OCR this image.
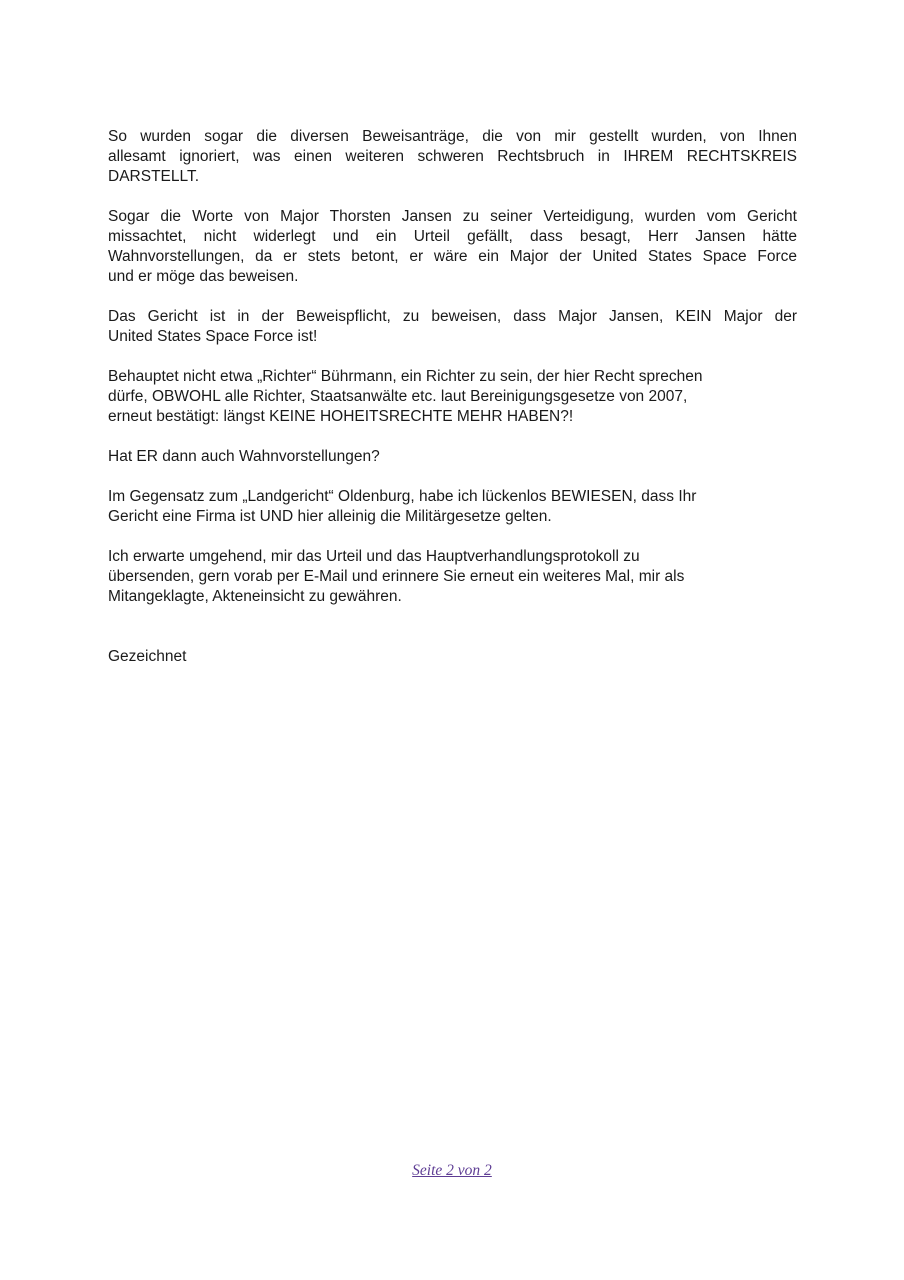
So wurden sogar die diversen Beweisanträge, die von mir gestellt wurden, von Ihnen
allesamt ignoriert, was einen weiteren schweren Rechtsbruch in IHREM RECHTSKREIS
DARSTELLT.

Sogar die Worte von Major Thorsten Jansen zu seiner Verteidigung, wurden vom Gericht
missachtet, nicht widerlegt und ein Urteil gefällt, dass besagt, Herr Jansen hätte
Wahnvorstellungen, da er stets betont, er wäre ein Major der United States Space Force
und er möge das beweisen.

Das Gericht ist in der Beweispflicht, zu beweisen, dass Major Jansen, KEIN Major der
United States Space Force ist!

Behauptet nicht etwa „Richter“ Bührmann, ein Richter zu sein, der hier Recht sprechen
dürfe, OBWOHL alle Richter, Staatsanwälte etc. laut Bereinigungsgesetze von 2007,
erneut bestätigt: längst KEINE HOHEITSRECHTE MEHR HABEN?!

Hat ER dann auch Wahnvorstellungen?

Im Gegensatz zum „Landgericht“ Oldenburg, habe ich lückenlos BEWIESEN, dass Ihr
Gericht eine Firma ist UND hier alleinig die Militärgesetze gelten.

Ich erwarte umgehend, mir das Urteil und das Hauptverhandlungsprotokoll zu
übersenden, gern vorab per E-Mail und erinnere Sie erneut ein weiteres Mal, mir als
Mitangeklagte, Akteneinsicht zu gewähren.

Gezeichnet

Seite 2 von 2
